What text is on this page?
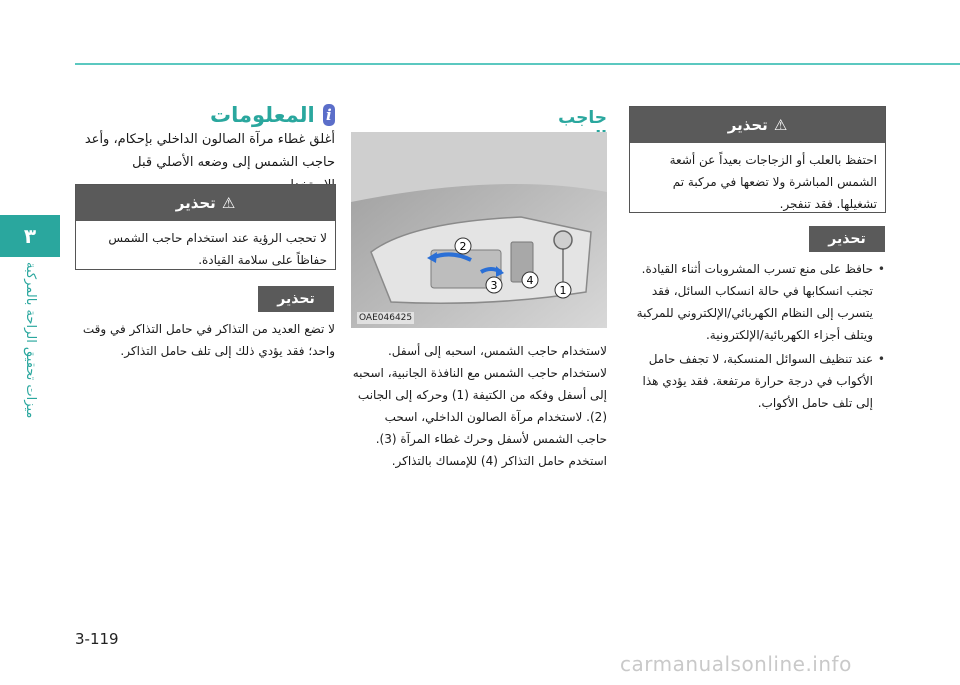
٣
ميزات تحقيق الراحة بالمركبة
المعلومات i
أغلق غطاء مرآة الصالون الداخلي بإحكام، وأعد حاجب الشمس إلى وضعه الأصلي قبل
تحذير ⚠
لا تحجب الرؤية عند استخدام حاجب الشمس حفاظاً على سلامة القيادة.
تحذير
لا تضع العديد من التذاكر في حامل التذاكر في وقت واحد؛ فقد يؤدي ذلك إلى تلف حامل التذاكر.
حاجب
1
2
3	4
OAE046425
لاستخدام حاجب الشمس، اسحبه إلى أسفل.
لاستخدام حاجب الشمس مع النافذة الجانبية، اسحبه إلى أسفل وفكه من الكتيفة (1) وحركه إلى الجانب (2). لاستخدام مرآة الصالون الداخلي، اسحب حاجب الشمس لأسفل وحرك غطاء المرآة (3). استخدم حامل التذاكر (4) للإمساك بالتذاكر.
تحذير ⚠
احتفظ بالعلب أو الزجاجات بعيداً عن أشعة الشمس المباشرة ولا تضعها في مركبة تم تشغيلها. فقد تنفجر.
تحذير
• حافظ على منع تسرب المشروبات أثناء القيادة. تجنب انسكابها في حالة انسكاب السائل، فقد يتسرب إلى النظام الكهربائي/الإلكتروني للمركبة ويتلف أجزاء الكهربائية/الإلكترونية.
• عند تنظيف السوائل المنسكبة، لا تجفف حامل الأكواب في درجة حرارة مرتفعة. فقد يؤدي هذا إلى تلف حامل الأكواب.
3-119
carmanualsonline.info
